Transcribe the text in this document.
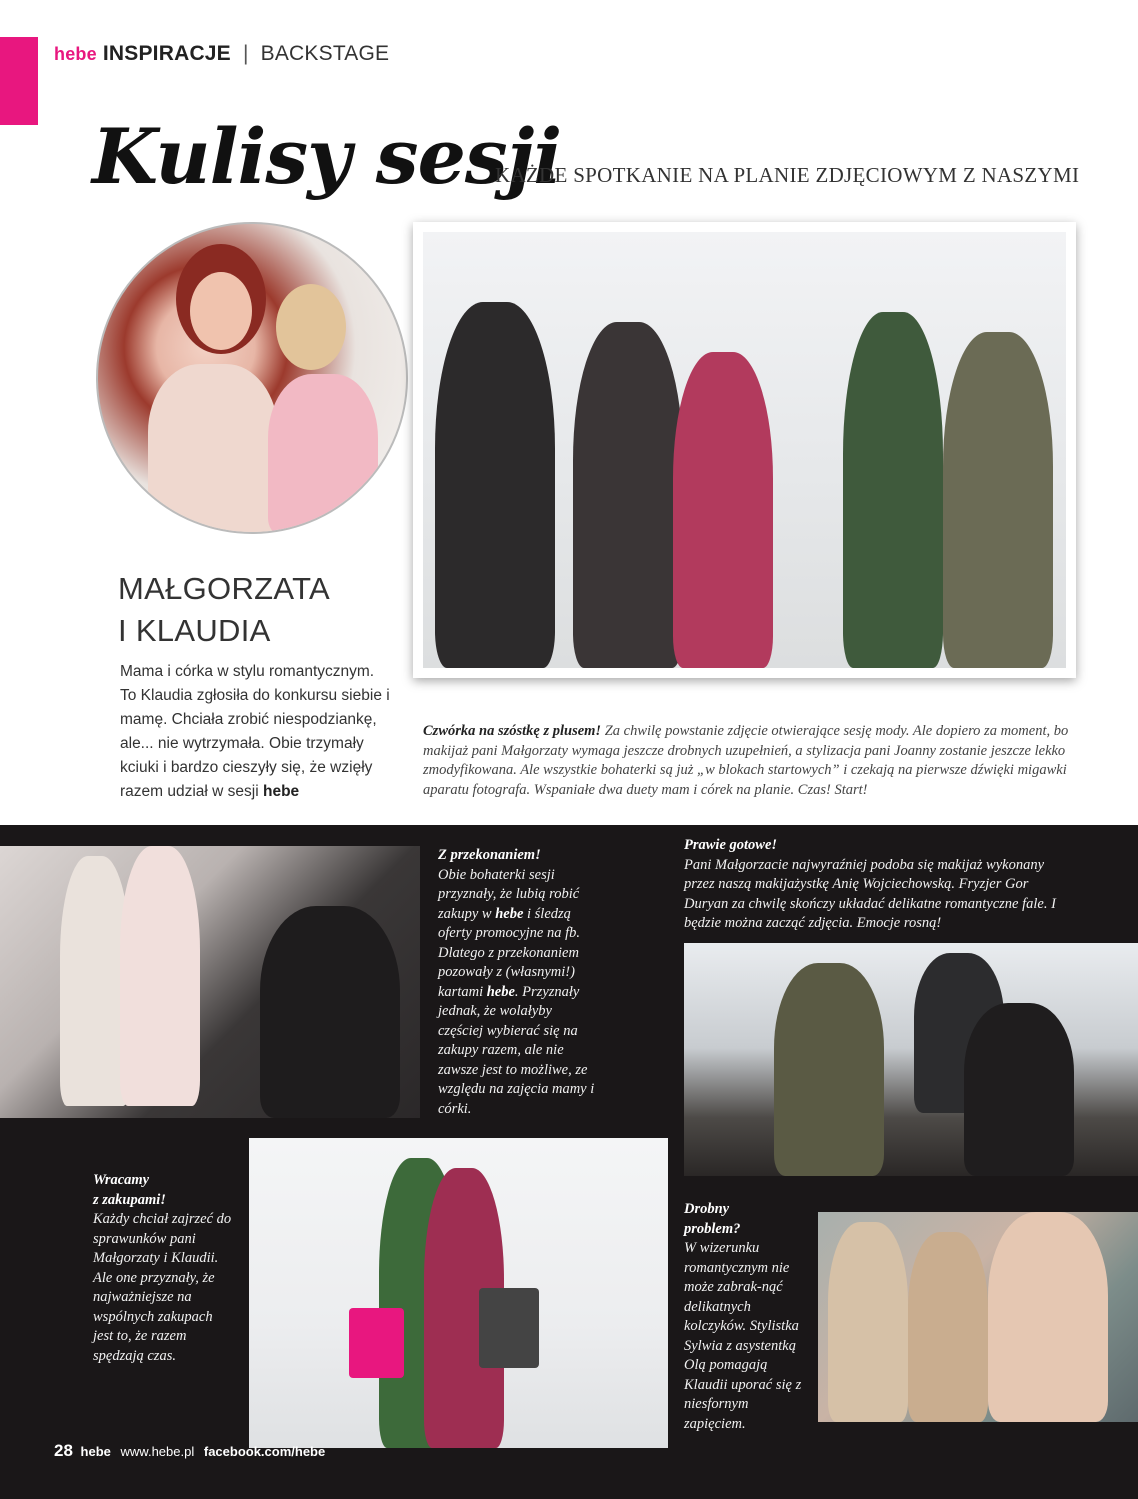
hebe INSPIRACJE | BACKSTAGE
Kulisy sesji
KAŻDE SPOTKANIE NA PLANIE ZDJĘCIOWYM Z NASZYMI
MAŁGORZATA
I KLAUDIA
Mama i córka w stylu romantycznym. To Klaudia zgłosiła do konkursu siebie i mamę. Chciała zrobić niespodziankę, ale... nie wytrzymała. Obie trzymały kciuki i bardzo cieszyły się, że wzięły razem udział w sesji hebe
Czwórka na szóstkę z plusem! Za chwilę powstanie zdjęcie otwierające sesję mody. Ale dopiero za moment, bo makijaż pani Małgorzaty wymaga jeszcze drobnych uzupełnień, a stylizacja pani Joanny zostanie jeszcze lekko zmodyfikowana. Ale wszystkie bohaterki są już „w blokach startowych” i czekają na pierwsze dźwięki migawki aparatu fotografa. Wspaniałe dwa duety mam i córek na planie. Czas! Start!
Z przekonaniem!
Obie bohaterki sesji przyznały, że lubią robić zakupy w hebe i śledzą oferty promocyjne na fb. Dlatego z przekonaniem pozowały z (własnymi!) kartami hebe. Przyznały jednak, że wolałyby częściej wybierać się na zakupy razem, ale nie zawsze jest to możliwe, ze względu na zajęcia mamy i córki.
Prawie gotowe!
Pani Małgorzacie najwyraźniej podoba się makijaż wykonany przez naszą makijażystkę Anię Wojciechowską. Fryzjer Gor Duryan za chwilę skończy układać delikatne romantyczne fale. I będzie można zacząć zdjęcia. Emocje rosną!
Wracamy
z zakupami!
Każdy chciał zajrzeć do sprawunków pani Małgorzaty i Klaudii. Ale one przyznały, że najważniejsze na wspólnych zakupach jest to, że razem spędzają czas.
Drobny
problem?
W wizerunku romantycznym nie może zabrak-nąć delikatnych kolczyków. Stylistka Sylwia z asystentką Olą pomagają Klaudii uporać się z niesfornym zapięciem.
28 hebe www.hebe.pl facebook.com/hebe
